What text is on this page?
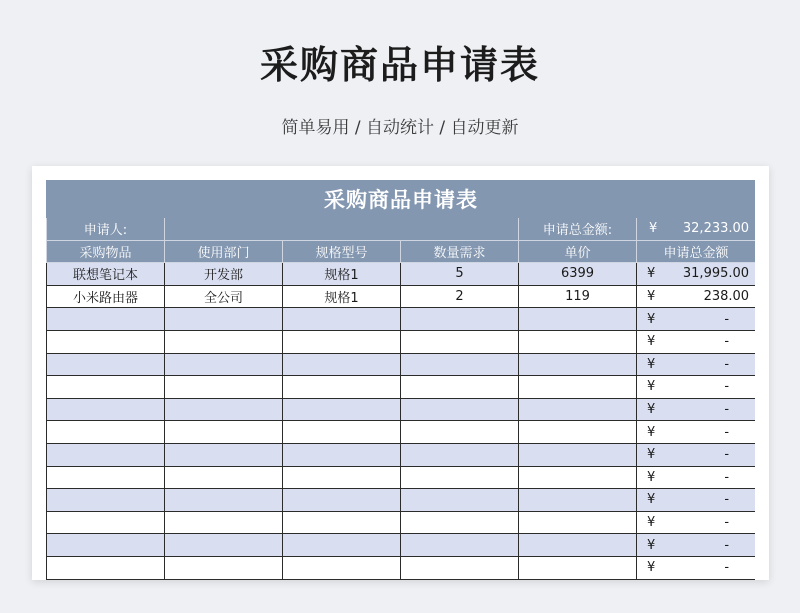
采购商品申请表
简单易用 / 自动统计 / 自动更新
采购商品申请表					
申请人:				申请总金额:	¥ 32,233.00

采购物品	使用部门	规格型号	数量需求	单价	申请总金额
联想笔记本	开发部	规格1	5	6399	¥ 31,995.00

小米路由器	全公司	规格1	2	119	¥ 238.00

					¥ -

					¥ -

					¥ -

					¥ -

					¥ -

					¥ -

					¥ -

					¥ -

					¥ -

					¥ -

					¥ -

					¥ -
